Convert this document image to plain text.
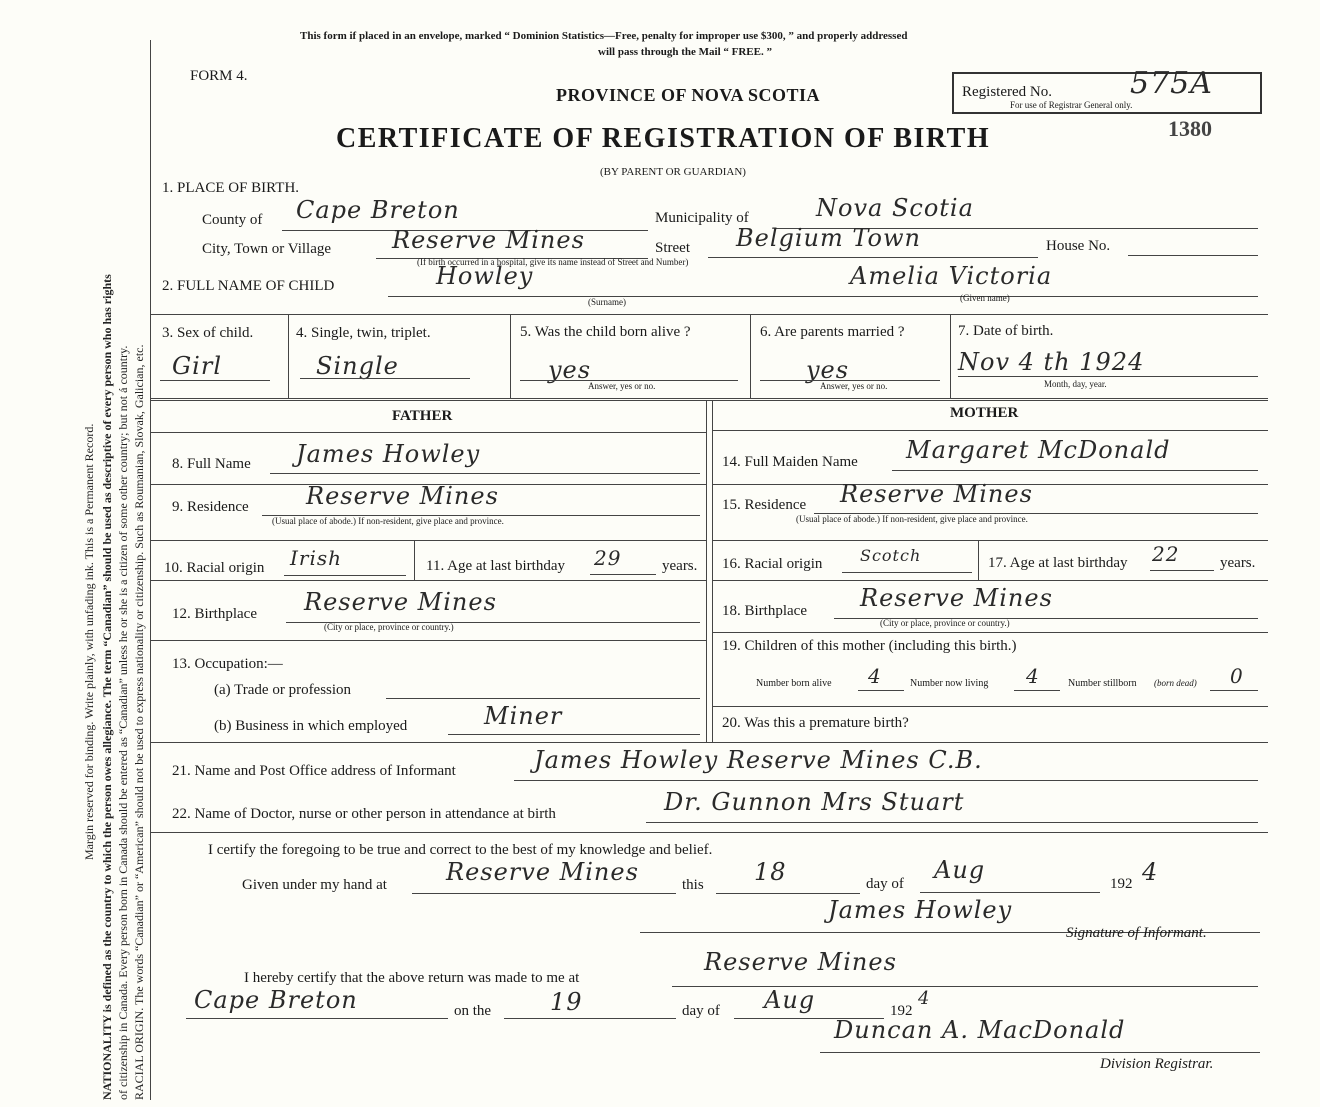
NATIONALITY is defined as the country to which the person owes allegiance. The term “Canadian” should be used as descriptive of every person who has rights of citizenship in Canada. Every person born in Canada should be entered as “Canadian” unless he or she is a citizen of some other country; but not á country. RACIAL ORIGIN. The words “Canadian” or “American” should not be used to express nationality or citizenship. Such as Roumanian, Slovak, Galician, etc.
Margin reserved for binding. Write plainly, with unfading ink. This is a Permanent Record.
This form if placed in an envelope, marked “ Dominion Statistics—Free, penalty for improper use $300, ” and properly addressed
will pass through the Mail “ FREE. ”
FORM 4.
PROVINCE OF NOVA SCOTIA
CERTIFICATE OF REGISTRATION OF BIRTH
(BY PARENT OR GUARDIAN)
Registered No.	575A
For use of Registrar General only.
1380
1. PLACE OF BIRTH.
County of Cape Breton	Municipality of	Nova Scotia
City, Town or Village	Reserve Mines	Street Belgium Town	House No.
(If birth occurred in a hospital, give its name instead of Street and Number)
2. FULL NAME OF CHILD	Howley
(Surname)
Amelia Victoria
(Given name)
3. Sex of child.
Girl
4. Single, twin, triplet.
Single
5. Was the child born alive ?
yes
Answer, yes or no.
6. Are parents married ?
yes
Answer, yes or no.
7. Date of birth.
Nov 4 th 1924
Month, day, year.
FATHER	MOTHER
8. Full Name James Howley
9. Residence Reserve Mines
(Usual place of abode.) If non-resident, give place and province.
10. Racial origin Irish	11. Age at last birthday 29	years.
12. Birthplace Reserve Mines
(City or place, province or country.)
13. Occupation:—
(a) Trade or profession
(b) Business in which employed	Miner
14. Full Maiden Name Margaret McDonald
15. Residence Reserve Mines
(Usual place of abode.) If non-resident, give place and province.
16. Racial origin Scotch	17. Age at last birthday 22	years.
18. Birthplace Reserve Mines
(City or place, province or country.)
19. Children of this mother (including this birth.)
Number born alive 4	Number now living 4	Number stillborn (born dead) 0
20. Was this a premature birth?
21. Name and Post Office address of Informant	James Howley Reserve Mines C.B.
22. Name of Doctor, nurse or other person in attendance at birth	Dr. Gunnon Mrs Stuart
I certify the foregoing to be true and correct to the best of my knowledge and belief.
Given under my hand at Reserve Mines	this 18	day of Aug	192 4
James Howley
Signature of Informant.
I hereby certify that the above return was made to me at
Reserve Mines
Cape Breton	on the 19	day of Aug	192
4
Duncan A. MacDonald
Division Registrar.
